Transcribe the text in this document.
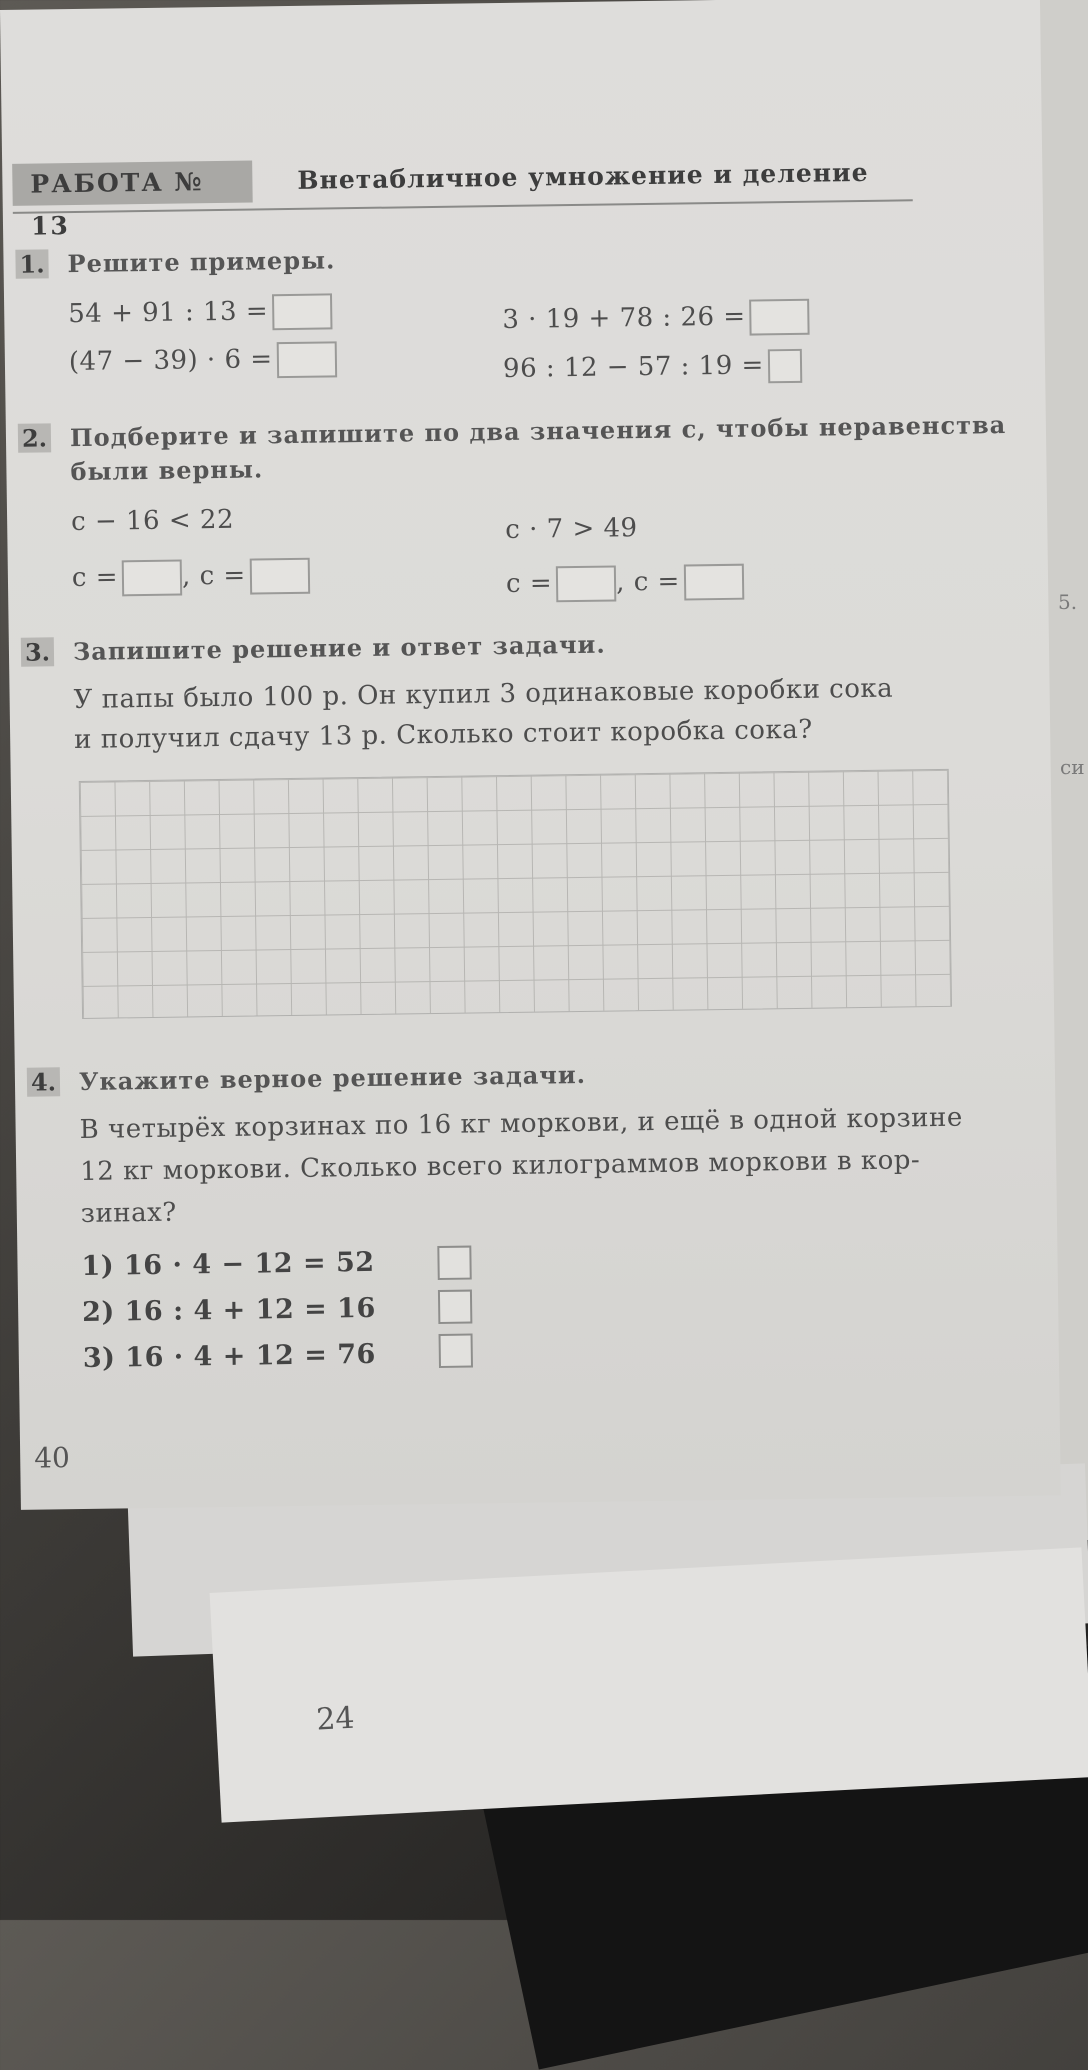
5.
си
24
РАБОТА № 13
Внетабличное умножение и деление
1. Решите примеры.
54 + 91 : 13 =
(47 − 39) · 6 =
3 · 19 + 78 : 26 =
96 : 12 − 57 : 19 =
2. Подберите и запишите по два значения c, чтобы неравенства
были верны.
c − 16 < 22	c · 7 > 49
c = , c =	c = , c =
3. Запишите решение и ответ задачи.
У папы было 100 р. Он купил 3 одинаковые коробки сока
и получил сдачу 13 р. Сколько стоит коробка сока?
4. Укажите верное решение задачи.
В четырёх корзинах по 16 кг моркови, и ещё в одной корзине
12 кг моркови. Сколько всего килограммов моркови в кор-
зинах?
1) 16 · 4 − 12 = 52
2) 16 : 4 + 12 = 16
3) 16 · 4 + 12 = 76
40
